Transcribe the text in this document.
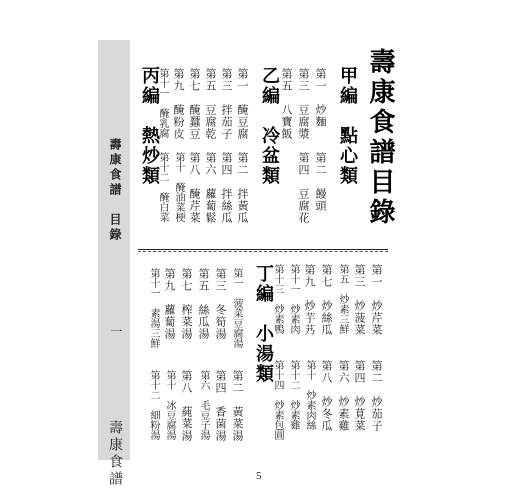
壽康食譜　目錄
一
壽康食譜
壽康食譜目錄
甲編　點心類
第一　炒麵
第二　饅頭
第三　豆腐漿
第四　豆腐花
第五　八寶飯
乙編　冷盆類
第一　醃豆腐
第二　拌黃瓜
第三　拌茄子
第四　拌絲瓜
第五　豆腐乾
第六　蘿蔔鬆
第七　醃蠶豆
第八　醃芹菜
第九　醃粉皮
第十　醃油菜梗
第十一　醃乳腐
第十二　醃白菜
丙編　熱炒類
第一　炒芹菜
第二　炒茄子
第三　炒菠菜
第四　炒莧菜
第五　炒素三鮮
第六　炒素雞
第七　炒絲瓜
第八　炒冬瓜
第九　炒芋艿
第十　炒素肉絲
第十一　炒素肉
第十二　炒素雞
第十三　炒素鴨
第十四　炒素包圓
丁編　小湯類
第一　菠菜豆腐湯
第二　黃菜湯
第三　冬筍湯
第四　香菌湯
第五　絲瓜湯
第六　毛豆子湯
第七　榨菜湯
第八　蒓菜湯
第九　蘿蔔湯
第十　冰豆腐湯
第十一　素湯三鮮
第十二　細粉湯
5
